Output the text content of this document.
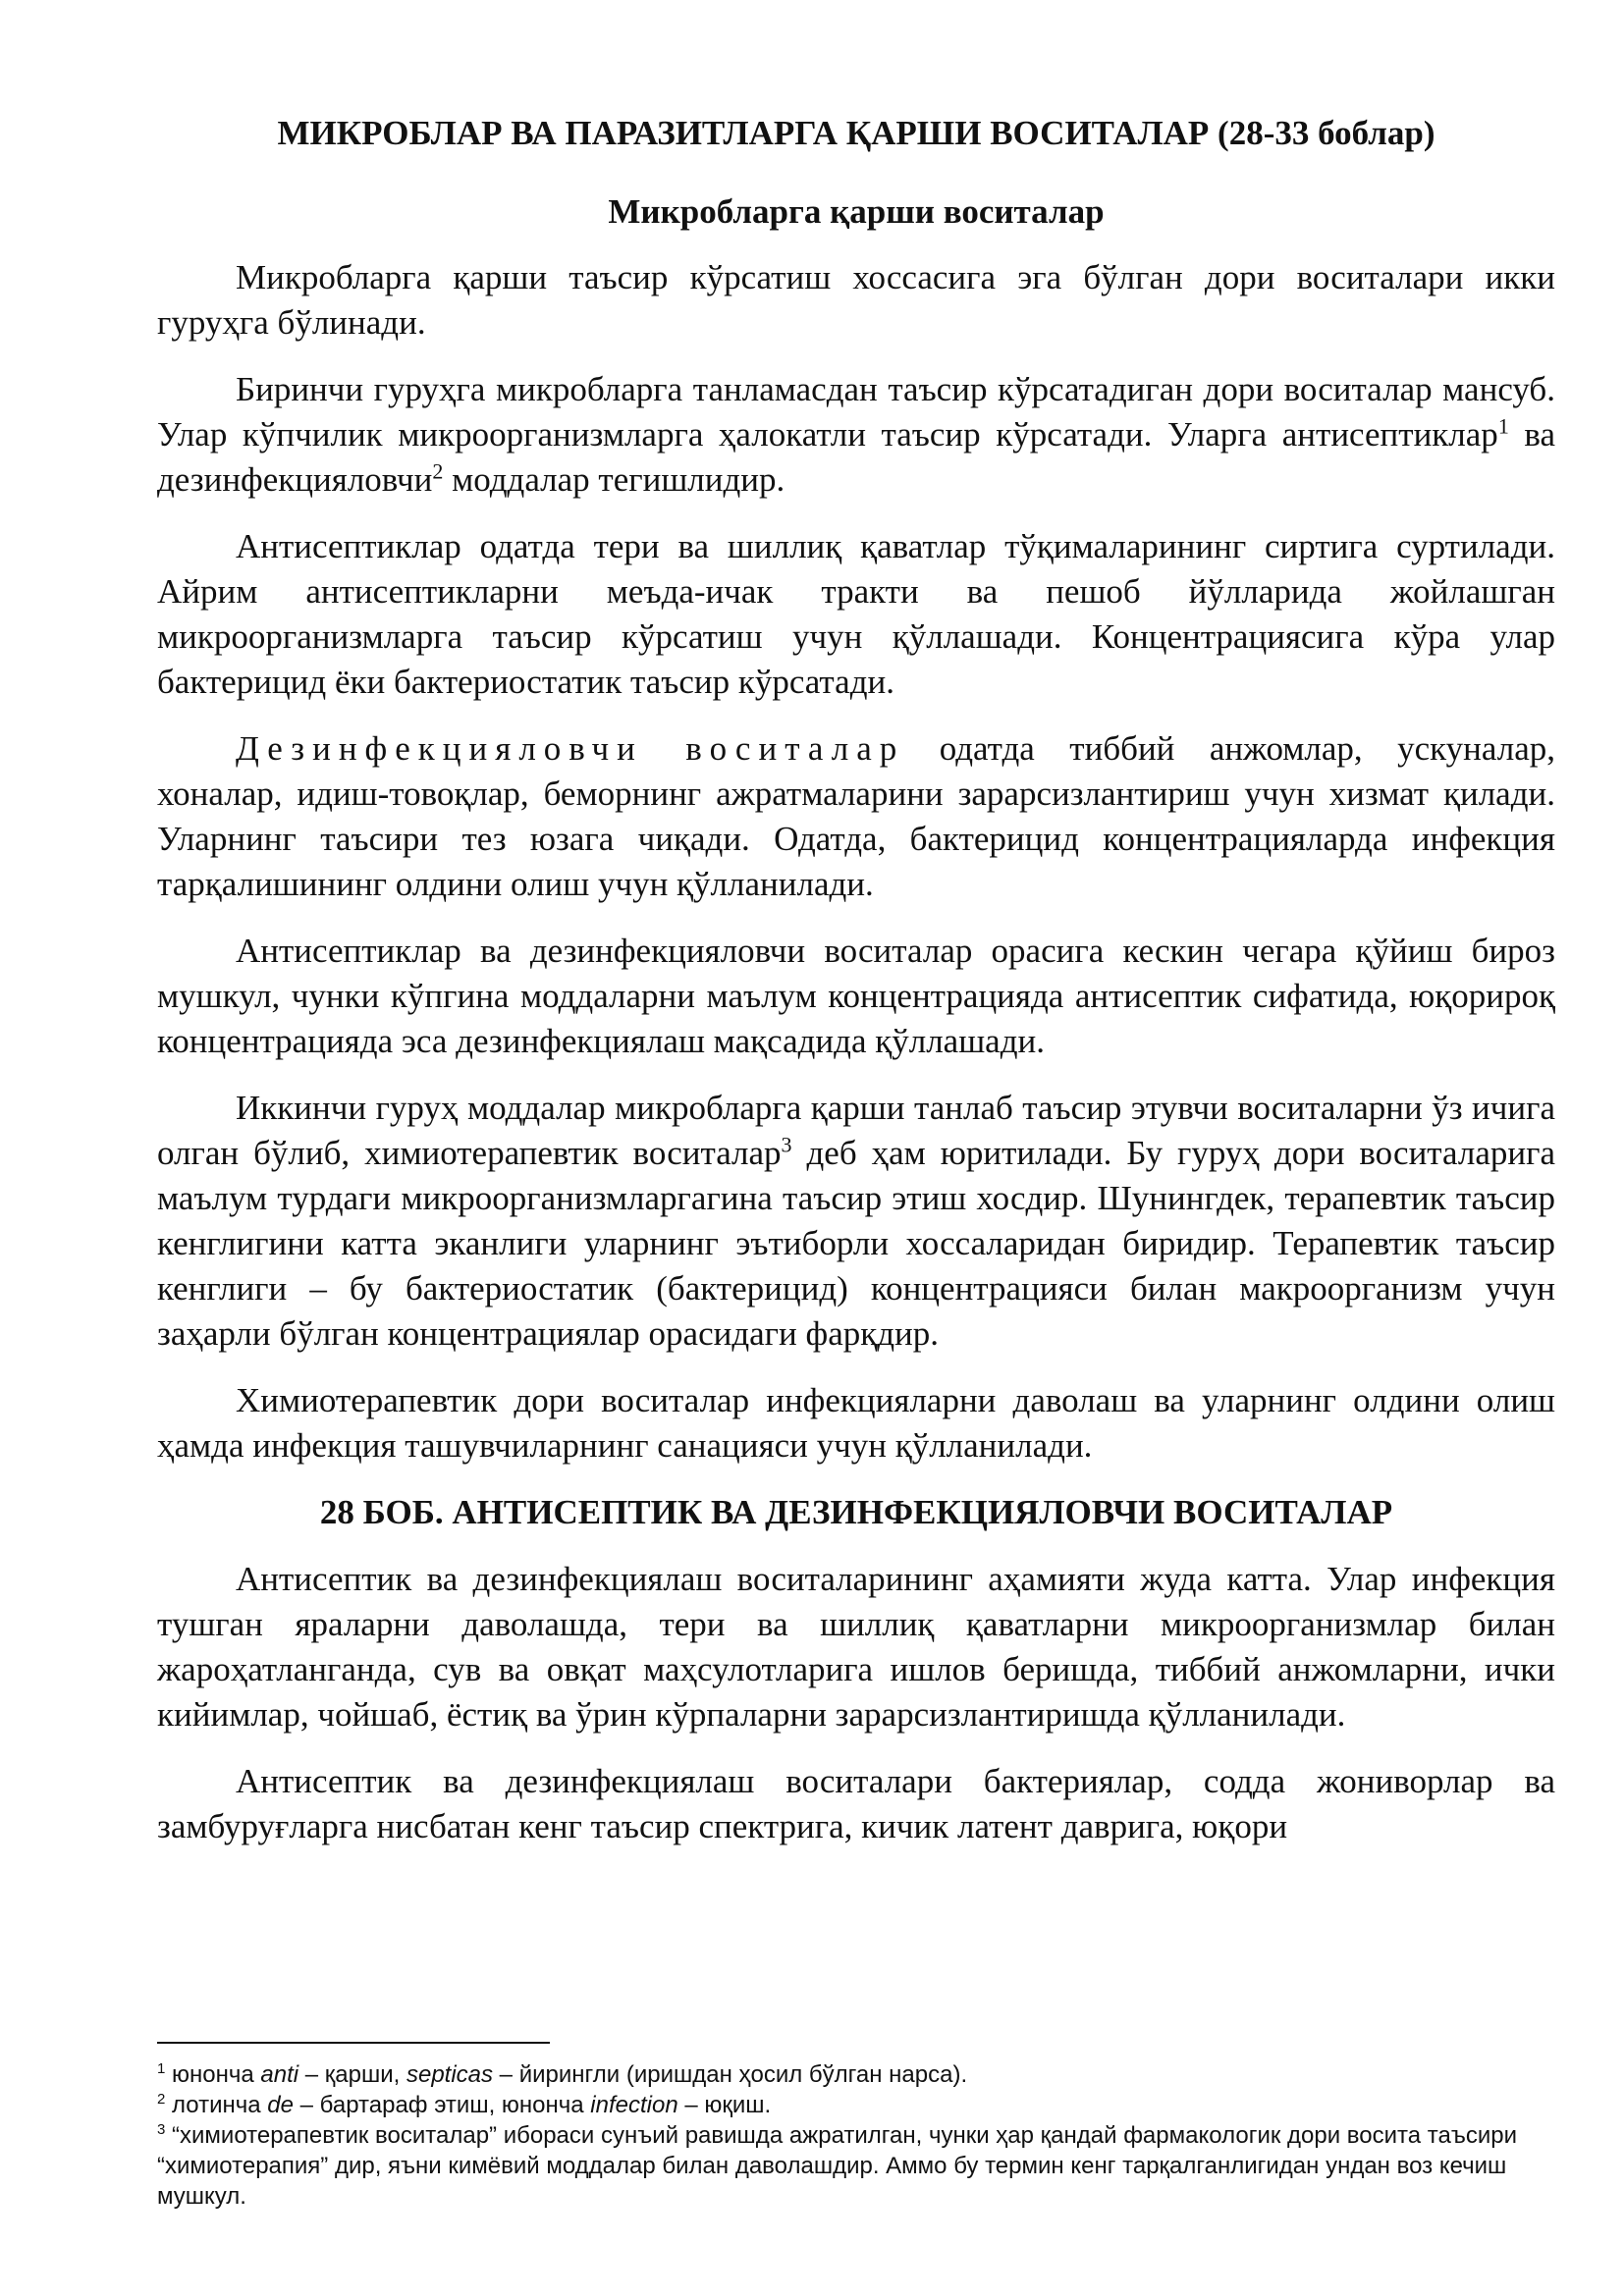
МИКРОБЛАР ВА ПАРАЗИТЛАРГА ҚАРШИ ВОСИТАЛАР (28-33 боблар)
Микробларга қарши воситалар

Микробларга қарши таъсир кўрсатиш хоссасига эга бўлган дори воситалари икки гуруҳга бўлинади.

Биринчи гуруҳга микробларга танламасдан таъсир кўрсатадиган дори воситалар мансуб. Улар кўпчилик микроорганизмларга ҳалокатли таъсир кўрсатади. Уларга антисептиклар$^1$ ва дезинфекцияловчи$^2$ моддалар тегишлидир.

Антисептиклар одатда тери ва шиллиқ қаватлар тўқималарининг сиртига суртилади. Айрим антисептикларни меъда-ичак тракти ва пешоб йўлларида жойлашган микроорганизмларга таъсир кўрсатиш учун қўллашади. Концентрациясига кўра улар бактерицид ёки бактериостатик таъсир кўрсатади.

Дезинфекцияловчи воситалар одатда тиббий анжомлар, ускуналар, хоналар, идиш-товоқлар, беморнинг ажратмаларини зарарсизлантириш учун хизмат қилади. Уларнинг таъсири тез юзага чиқади. Одатда, бактерицид концентрацияларда инфекция тарқалишининг олдини олиш учун қўлланилади.

Антисептиклар ва дезинфекцияловчи воситалар орасига кескин чегара қўйиш бироз мушкул, чунки кўпгина моддаларни маълум концентрацияда антисептик сифатида, юқорироқ концентрацияда эса дезинфекциялаш мақсадида қўллашади.

Иккинчи гуруҳ моддалар микробларга қарши танлаб таъсир этувчи воситаларни ўз ичига олган бўлиб, химиотерапевтик воситалар$^3$ деб ҳам юритилади. Бу гуруҳ дори воситаларига маълум турдаги микроорганизмларгагина таъсир этиш хосдир. Шунингдек, терапевтик таъсир кенглигини катта эканлиги уларнинг эътиборли хоссаларидан биридир. Терапевтик таъсир кенглиги – бу бактериостатик (бактерицид) концентрацияси билан макроорганизм учун заҳарли бўлган концентрациялар орасидаги фарқдир.

Химиотерапевтик дори воситалар инфекцияларни даволаш ва уларнинг олдини олиш ҳамда инфекция ташувчиларнинг санацияси учун қўлланилади.

28 БОБ. АНТИСЕПТИК ВА ДЕЗИНФЕКЦИЯЛОВЧИ ВОСИТАЛАР

Антисептик ва дезинфекциялаш воситаларининг аҳамияти жуда катта. Улар инфекция тушган яраларни даволашда, тери ва шиллиқ қаватларни микроорганизмлар билан жароҳатланганда, сув ва овқат маҳсулотларига ишлов беришда, тиббий анжомларни, ички кийимлар, чойшаб, ёстиқ ва ўрин кўрпаларни зарарсизлантиришда қўлланилади.

Антисептик ва дезинфекциялаш воситалари бактериялар, содда жониворлар ва замбуруғларга нисбатан кенг таъсир спектрига, кичик латент даврига, юқори

$^1$ юнонча anti – қарши, septicas – йирингли (иришдан ҳосил бўлган нарса).

$^2$ лотинча de – бартараф этиш, юнонча infection – юқиш.

$^3$ “химиотерапевтик воситалар” ибораси сунъий равишда ажратилган, чунки ҳар қандай фармакологик дори восита таъсири “химиотерапия” дир, яъни кимёвий моддалар билан даволашдир. Аммо бу термин кенг тарқалганлигидан ундан воз кечиш мушкул.
